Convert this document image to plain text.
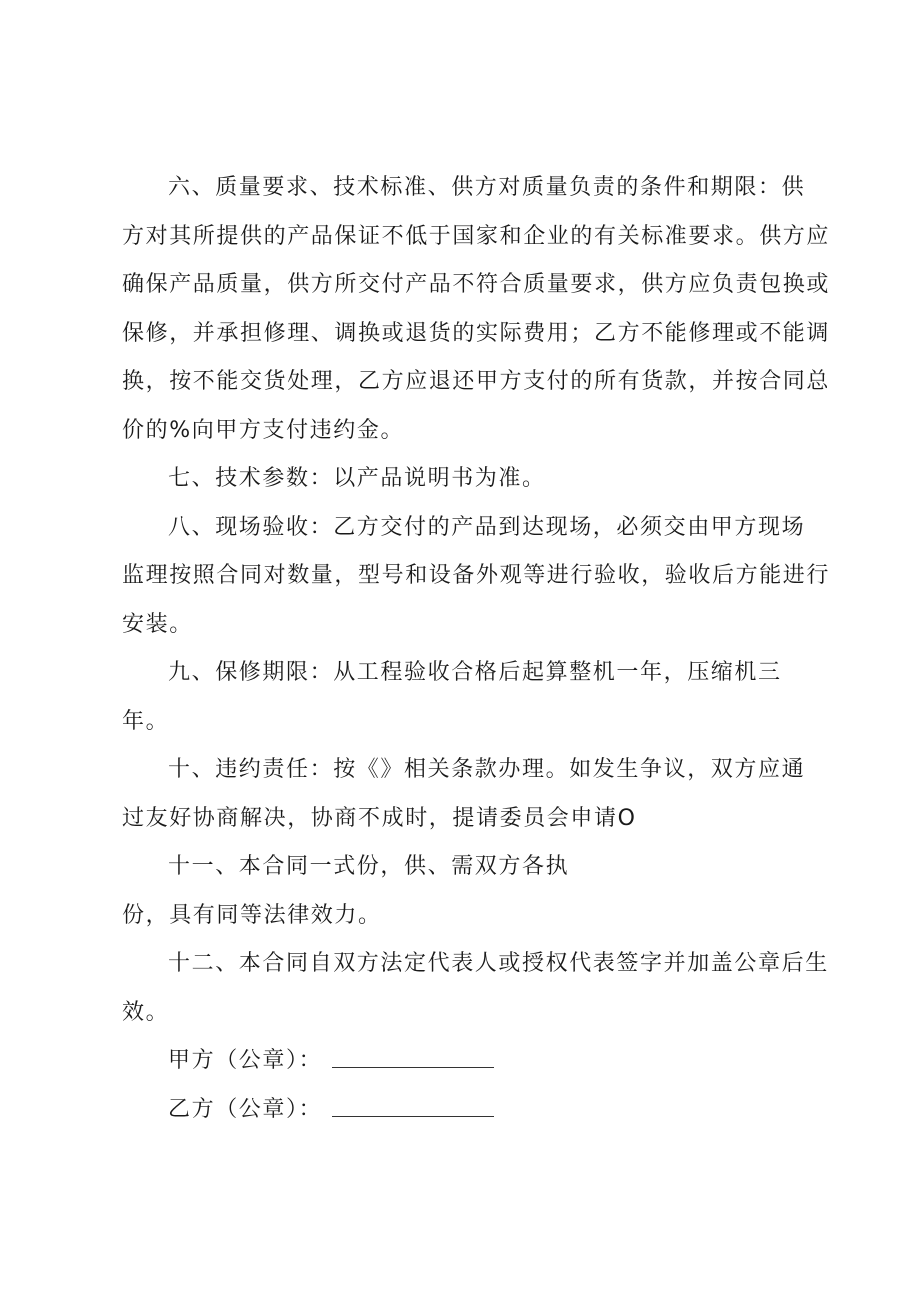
六、质量要求、技术标准、供方对质量负责的条件和期限：供
方对其所提供的产品保证不低于国家和企业的有关标准要求。供方应
确保产品质量，供方所交付产品不符合质量要求，供方应负责包换或
保修，并承担修理、调换或退货的实际费用；乙方不能修理或不能调
换，按不能交货处理，乙方应退还甲方支付的所有货款，并按合同总
价的%向甲方支付违约金。
七、技术参数：以产品说明书为准。
八、现场验收：乙方交付的产品到达现场，必须交由甲方现场
监理按照合同对数量，型号和设备外观等进行验收，验收后方能进行
安装。
九、保修期限：从工程验收合格后起算整机一年，压缩机三
年。
十、违约责任：按《》相关条款办理。如发生争议，双方应通
过友好协商解决，协商不成时，提请委员会申请O
十一、本合同一式份，供、需双方各执
份，具有同等法律效力。
十二、本合同自双方法定代表人或授权代表签字并加盖公章后生
效。
甲方（公章）：
乙方（公章）：
